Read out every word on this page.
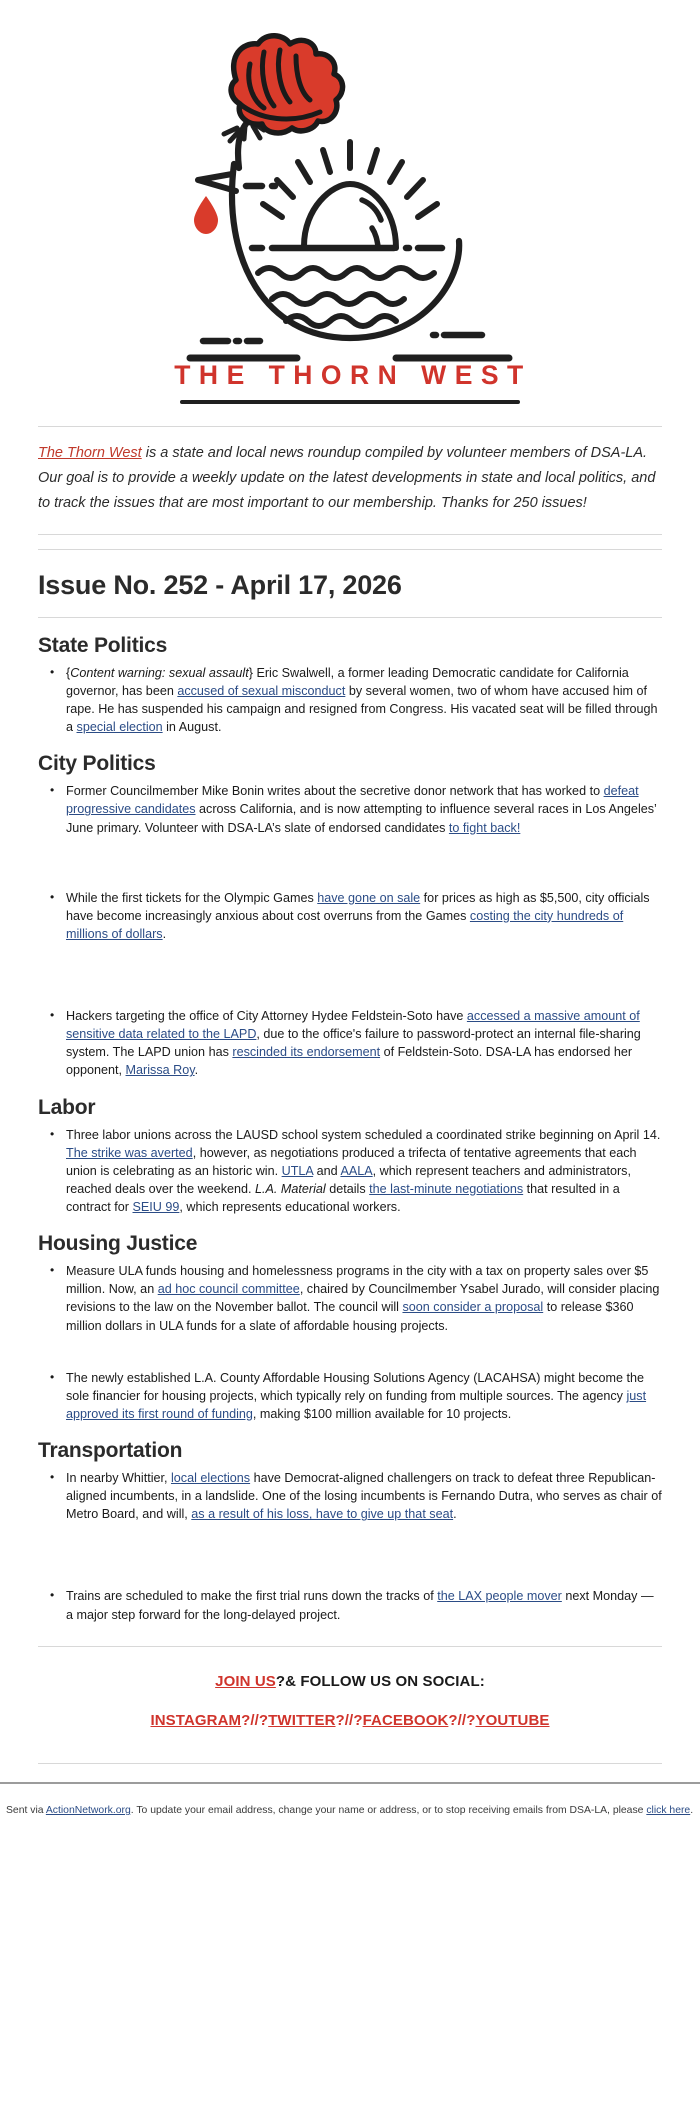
THE THORN WEST

The Thorn West is a state and local news roundup compiled by volunteer members of DSA-LA. Our goal is to provide a weekly update on the latest developments in state and local politics, and to track the issues that are most important to our membership. Thanks for 250 issues!

Issue No. 252 - April 17, 2026
State Politics
• {Content warning: sexual assault} Eric Swalwell, a former leading Democratic candidate for California governor, has been accused of sexual misconduct by several women, two of whom have accused him of rape. He has suspended his campaign and resigned from Congress. His vacated seat will be filled through a special election in August.
City Politics
• Former Councilmember Mike Bonin writes about the secretive donor network that has worked to defeat progressive candidates across California, and is now attempting to influence several races in Los Angeles’ June primary. Volunteer with DSA-LA’s slate of endorsed candidates to fight back!
• While the first tickets for the Olympic Games have gone on sale for prices as high as $5,500, city officials have become increasingly anxious about cost overruns from the Games costing the city hundreds of millions of dollars.
• Hackers targeting the office of City Attorney Hydee Feldstein-Soto have accessed a massive amount of sensitive data related to the LAPD, due to the office's failure to password-protect an internal file-sharing system. The LAPD union has rescinded its endorsement of Feldstein-Soto. DSA-LA has endorsed her opponent, Marissa Roy.
Labor
• Three labor unions across the LAUSD school system scheduled a coordinated strike beginning on April 14. The strike was averted, however, as negotiations produced a trifecta of tentative agreements that each union is celebrating as an historic win. UTLA and AALA, which represent teachers and administrators, reached deals over the weekend. L.A. Material details the last-minute negotiations that resulted in a contract for SEIU 99, which represents educational workers.
Housing Justice
• Measure ULA funds housing and homelessness programs in the city with a tax on property sales over $5 million. Now, an ad hoc council committee, chaired by Councilmember Ysabel Jurado, will consider placing revisions to the law on the November ballot. The council will soon consider a proposal to release $360 million dollars in ULA funds for a slate of affordable housing projects.
• The newly established L.A. County Affordable Housing Solutions Agency (LACAHSA) might become the sole financier for housing projects, which typically rely on funding from multiple sources. The agency just approved its first round of funding, making $100 million available for 10 projects.
Transportation
• In nearby Whittier, local elections have Democrat-aligned challengers on track to defeat three Republican-aligned incumbents, in a landslide. One of the losing incumbents is Fernando Dutra, who serves as chair of Metro Board, and will, as a result of his loss, have to give up that seat.
• Trains are scheduled to make the first trial runs down the tracks of the LAX people mover next Monday — a major step forward for the long-delayed project.

JOIN US?& FOLLOW US ON SOCIAL:

INSTAGRAM?//?TWITTER?//?FACEBOOK?//?YOUTUBE

Sent via ActionNetwork.org. To update your email address, change your name or address, or to stop receiving emails from DSA-LA, please click here.
